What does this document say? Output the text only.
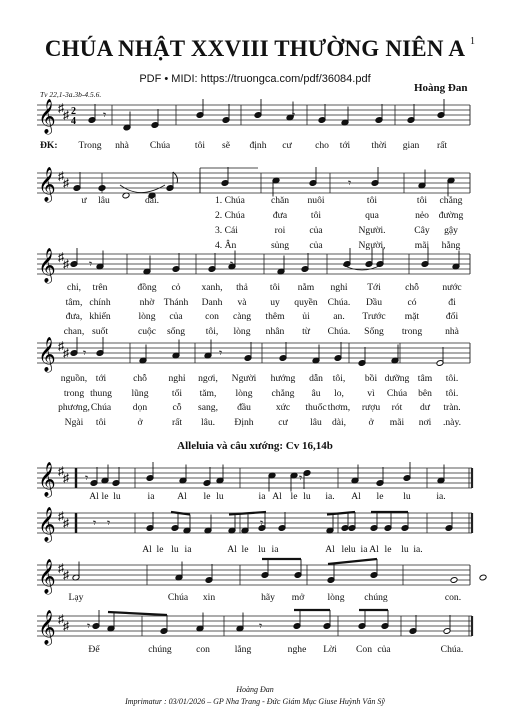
CHÚA NHẬT XXVIII THƯỜNG NIÊN A 1
PDF • MIDI: https://truongca.com/pdf/36084.pdf
Hoàng Đan
Tv 22,1-3a.3b-4.5.6.
Alleluia và câu xướng: Cv 16,14b
Hoàng Đan
Imprimatur : 03/01/2026 – GP Nha Trang - Đức Giám Mục Giuse Huỳnh Văn Sỹ
𝄞 ♯ ♯ 2
4 𝄾	𝄾
𝄞 ♯ ♯	𝄾
𝄞 ♯ ♯ 𝄾	𝄾
𝄞 ♯ ♯ 𝄾	𝄾
𝄞 ♯ ♯ 𝄾	𝄾
𝄞 ♯ ♯ 𝄾 𝄾	𝄾
𝄞 ♯ ♯
𝄞 ♯ ♯ 𝄾	𝄾
ĐK: Trong nhà Chúa	tôi sẽ định cư cho tới thời gian rất
ư lâu	dài.	1. Chúa	chăn nuôi	tôi	tôi chẳng
2. Chúa	đưa tôi	qua	nẻo đường
3. Cái	roi	của	Người.	Cây gậy
4. Ân	sủng của	Người,	mãi hằng
chi, trên	đồng cỏ xanh, thả tôi nằm nghỉ Tới	chỗ nước
tâm, chính	nhờ Thánh Danh và uy quyền Chúa. Dầu	có	đi
đưa, khiến	lòng của con càng thêm ủi an. Trước mặt	đối
chan, suốt	cuộc sống tôi, lòng nhân từ Chúa. Sống trong nhà
nguồn, tới	chỗ nghỉ ngơi, Người hướng dẫn tôi, bồi dưỡng tâm tôi.
trong thung lũng tối tăm, lòng chẳng âu lo, vì Chúa bên tôi.
phương, Chúa dọn	cỗ sang, đầu	xức thuốc thơm, rượu rót dư tràn.
Ngài tôi	ở	rất lâu. Định	cư lâu dài, ở mãi nơi .này.
Al le lu	ia Al le lu	ia Al le lu ia. Al le lu	ia.
Al le lu ia	Al le lu ia	Al le lu ia Al le lu ia.
Lạy	Chúa xin	hãy mở lòng chúng	con.
Để	chúng	con	lắng	nghe Lời Con của	Chúa.
